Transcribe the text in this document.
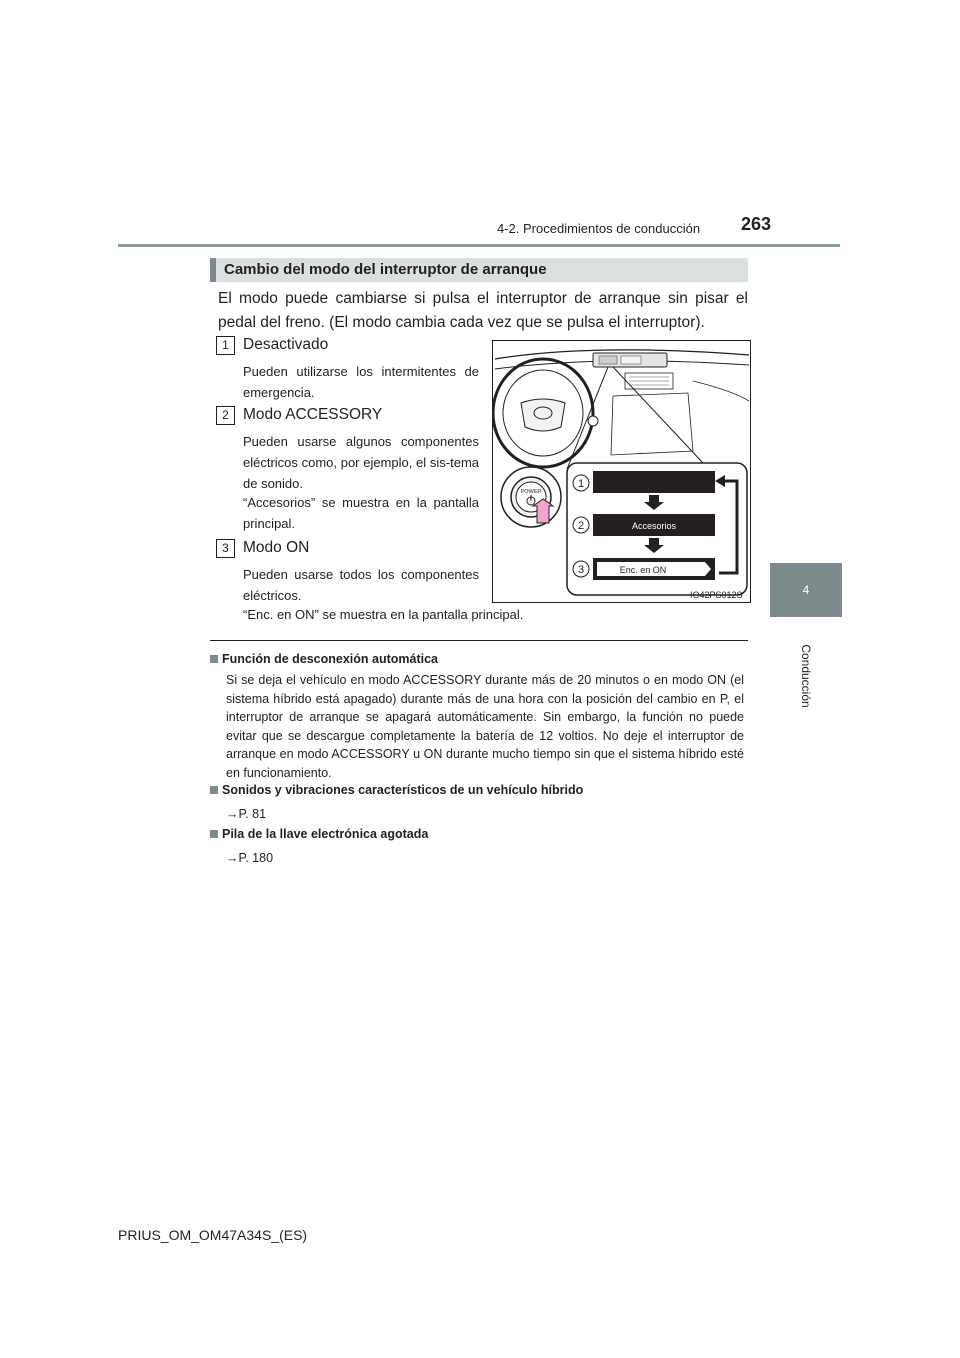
4-2. Procedimientos de conducción 263
4
Conducción
Cambio del modo del interruptor de arranque
El modo puede cambiarse si pulsa el interruptor de arranque sin pisar el pedal del freno. (El modo cambia cada vez que se pulsa el interruptor).
1 Desactivado
Pueden utilizarse los intermitentes de emergencia.
2 Modo ACCESSORY
Pueden usarse algunos componentes eléctricos como, por ejemplo, el sis-tema de sonido.
“Accesorios” se muestra en la pantalla principal.
3 Modo ON
Pueden usarse todos los componentes eléctricos.
“Enc. en ON” se muestra en la pantalla principal.
POWER
1
2	Accesorios
3	Enc. en ON
IO42PS012S
Función de desconexión automática
Si se deja el vehículo en modo ACCESSORY durante más de 20 minutos o en modo ON (el sistema híbrido está apagado) durante más de una hora con la posición del cambio en P, el interruptor de arranque se apagará automáticamente. Sin embargo, la función no puede evitar que se descargue completamente la batería de 12 voltios. No deje el interruptor de arranque en modo ACCESSORY u ON durante mucho tiempo sin que el sistema híbrido esté en funcionamiento.
Sonidos y vibraciones característicos de un vehículo híbrido
→P. 81
Pila de la llave electrónica agotada
→P. 180
PRIUS_OM_OM47A34S_(ES)
